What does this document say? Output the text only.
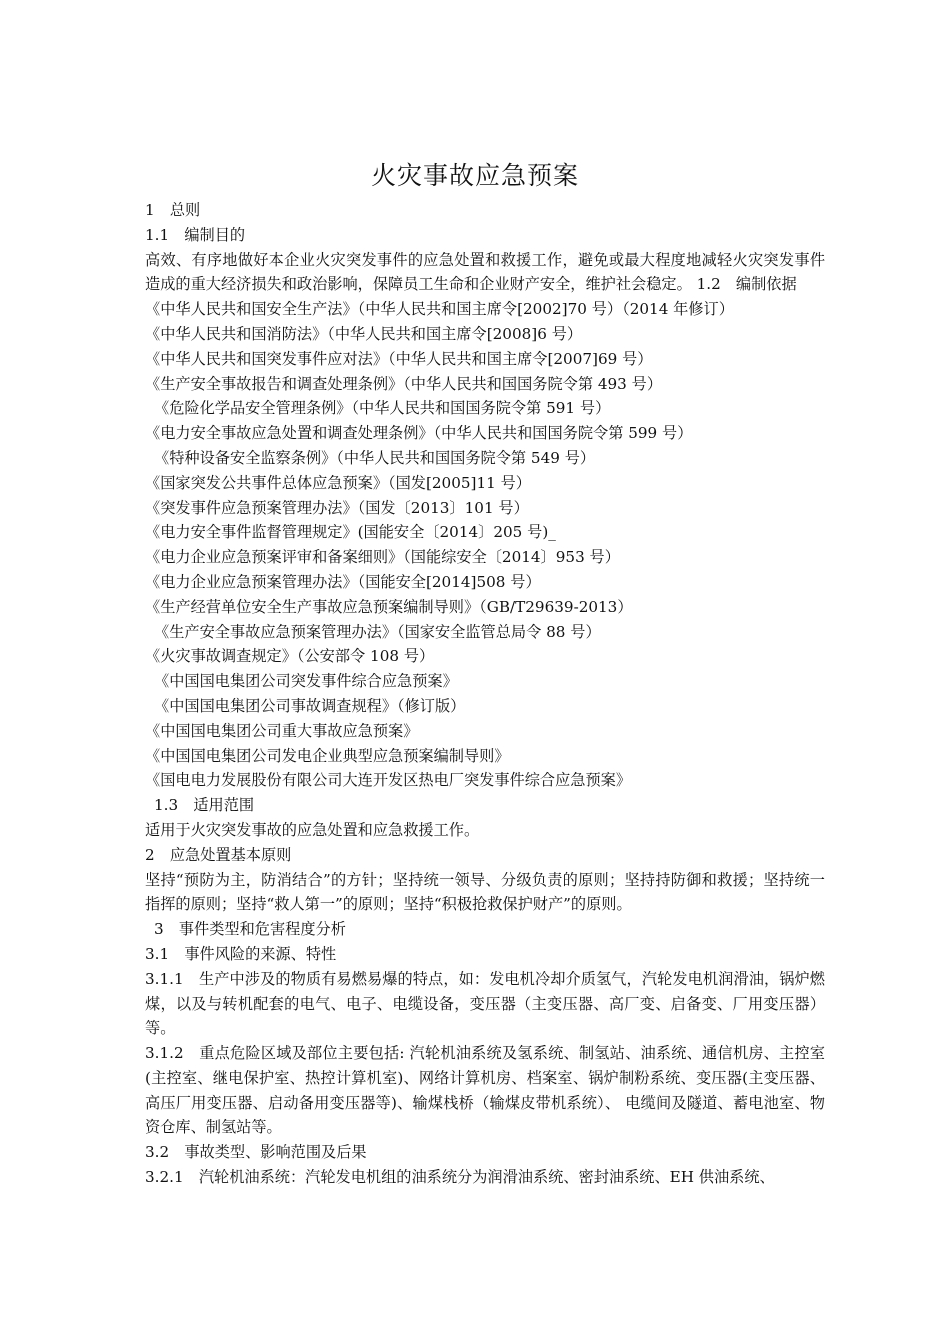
火灾事故应急预案
1　总则
1.1　编制目的
高效、有序地做好本企业火灾突发事件的应急处置和救援工作，避免或最大程度地减轻火灾突发事件造成的重大经济损失和政治影响，保障员工生命和企业财产安全，维护社会稳定。 1.2　编制依据
《中华人民共和国安全生产法》（中华人民共和国主席令[2002]70 号）（2014 年修订）
《中华人民共和国消防法》（中华人民共和国主席令[2008]6 号）
《中华人民共和国突发事件应对法》（中华人民共和国主席令[2007]69 号）
《生产安全事故报告和调查处理条例》（中华人民共和国国务院令第 493 号）
《危险化学品安全管理条例》（中华人民共和国国务院令第 591 号）
《电力安全事故应急处置和调查处理条例》（中华人民共和国国务院令第 599 号）
《特种设备安全监察条例》（中华人民共和国国务院令第 549 号）
《国家突发公共事件总体应急预案》（国发[2005]11 号）
《突发事件应急预案管理办法》（国发〔2013〕101 号）
《电力安全事件监督管理规定》(国能安全〔2014〕205 号)_
《电力企业应急预案评审和备案细则》（国能综安全〔2014〕953 号）
《电力企业应急预案管理办法》（国能安全[2014]508 号）
《生产经营单位安全生产事故应急预案编制导则》（GB/T29639-2013）
《生产安全事故应急预案管理办法》（国家安全监管总局令 88 号）
《火灾事故调查规定》（公安部令 108 号）
《中国国电集团公司突发事件综合应急预案》
《中国国电集团公司事故调查规程》（修订版）
《中国国电集团公司重大事故应急预案》
《中国国电集团公司发电企业典型应急预案编制导则》
《国电电力发展股份有限公司大连开发区热电厂突发事件综合应急预案》
1.3　适用范围
适用于火灾突发事故的应急处置和应急救援工作。
2　应急处置基本原则
坚持“预防为主，防消结合”的方针；坚持统一领导、分级负责的原则；坚持持防御和救援；坚持统一指挥的原则；坚持“救人第一”的原则；坚持“积极抢救保护财产”的原则。
3　事件类型和危害程度分析
3.1　事件风险的来源、特性
3.1.1　生产中涉及的物质有易燃易爆的特点，如：发电机冷却介质氢气，汽轮发电机润滑油，锅炉燃煤，以及与转机配套的电气、电子、电缆设备，变压器（主变压器、高厂变、启备变、厂用变压器）等。
3.1.2　重点危险区域及部位主要包括: 汽轮机油系统及氢系统、制氢站、油系统、通信机房、主控室(主控室、继电保护室、热控计算机室)、网络计算机房、档案室、锅炉制粉系统、变压器(主变压器、高压厂用变压器、启动备用变压器等)、输煤栈桥（输煤皮带机系统）、 电缆间及隧道、蓄电池室、物资仓库、制氢站等。
3.2　事故类型、影响范围及后果
3.2.1　汽轮机油系统：汽轮发电机组的油系统分为润滑油系统、密封油系统、EH 供油系统、
